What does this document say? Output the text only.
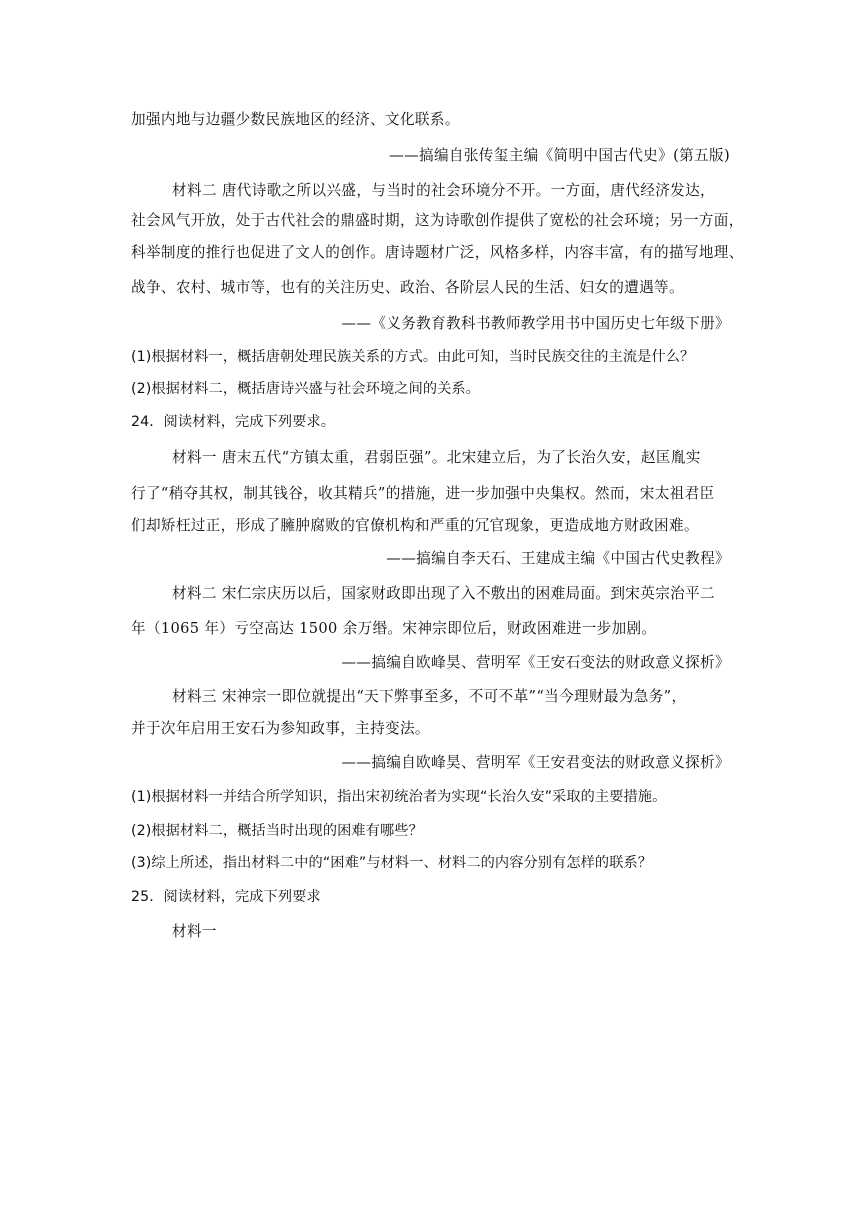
加强内地与边疆少数民族地区的经济、文化联系。
——搞编自张传玺主编《简明中国古代史》(第五版)
材料二 唐代诗歌之所以兴盛，与当时的社会环境分不开。一方面，唐代经济发达，
社会风气开放，处于古代社会的鼎盛时期，这为诗歌创作提供了宽松的社会环境；另一方面，
科举制度的推行也促进了文人的创作。唐诗题材广泛，风格多样，内容丰富，有的描写地理、
战争、农村、城市等，也有的关注历史、政治、各阶层人民的生活、妇女的遭遇等。
——《义务教育教科书教师教学用书中国历史七年级下册》
(1)根据材料一，概括唐朝处理民族关系的方式。由此可知，当时民族交往的主流是什么？
(2)根据材料二，概括唐诗兴盛与社会环境之间的关系。
24．阅读材料，完成下列要求。
材料一 唐末五代“方镇太重，君弱臣强”。北宋建立后，为了长治久安，赵匡胤实
行了“稍夺其权，制其钱谷，收其精兵”的措施，进一步加强中央集权。然而，宋太祖君臣
们却矫枉过正，形成了臃肿腐败的官僚机构和严重的冗官现象，更造成地方财政困难。
——搞编自李天石、王建成主编《中国古代史教程》
材料二 宋仁宗庆历以后，国家财政即出现了入不敷出的困难局面。到宋英宗治平二
年（1065 年）亏空高达 1500 余万缗。宋神宗即位后，财政困难进一步加剧。
——搞编自欧峰昊、营明军《王安石变法的财政意义探析》
材料三 宋神宗一即位就提出“天下弊事至多，不可不革”“当今理财最为急务”，
并于次年启用王安石为参知政事，主持变法。
——搞编自欧峰昊、营明军《王安君变法的财政意义探析》
(1)根据材料一并结合所学知识，指出宋初统治者为实现“长治久安”采取的主要措施。
(2)根据材料二，概括当时出现的困难有哪些？
(3)综上所述，指出材料二中的“困难”与材料一、材料二的内容分别有怎样的联系？
25．阅读材料，完成下列要求
材料一
